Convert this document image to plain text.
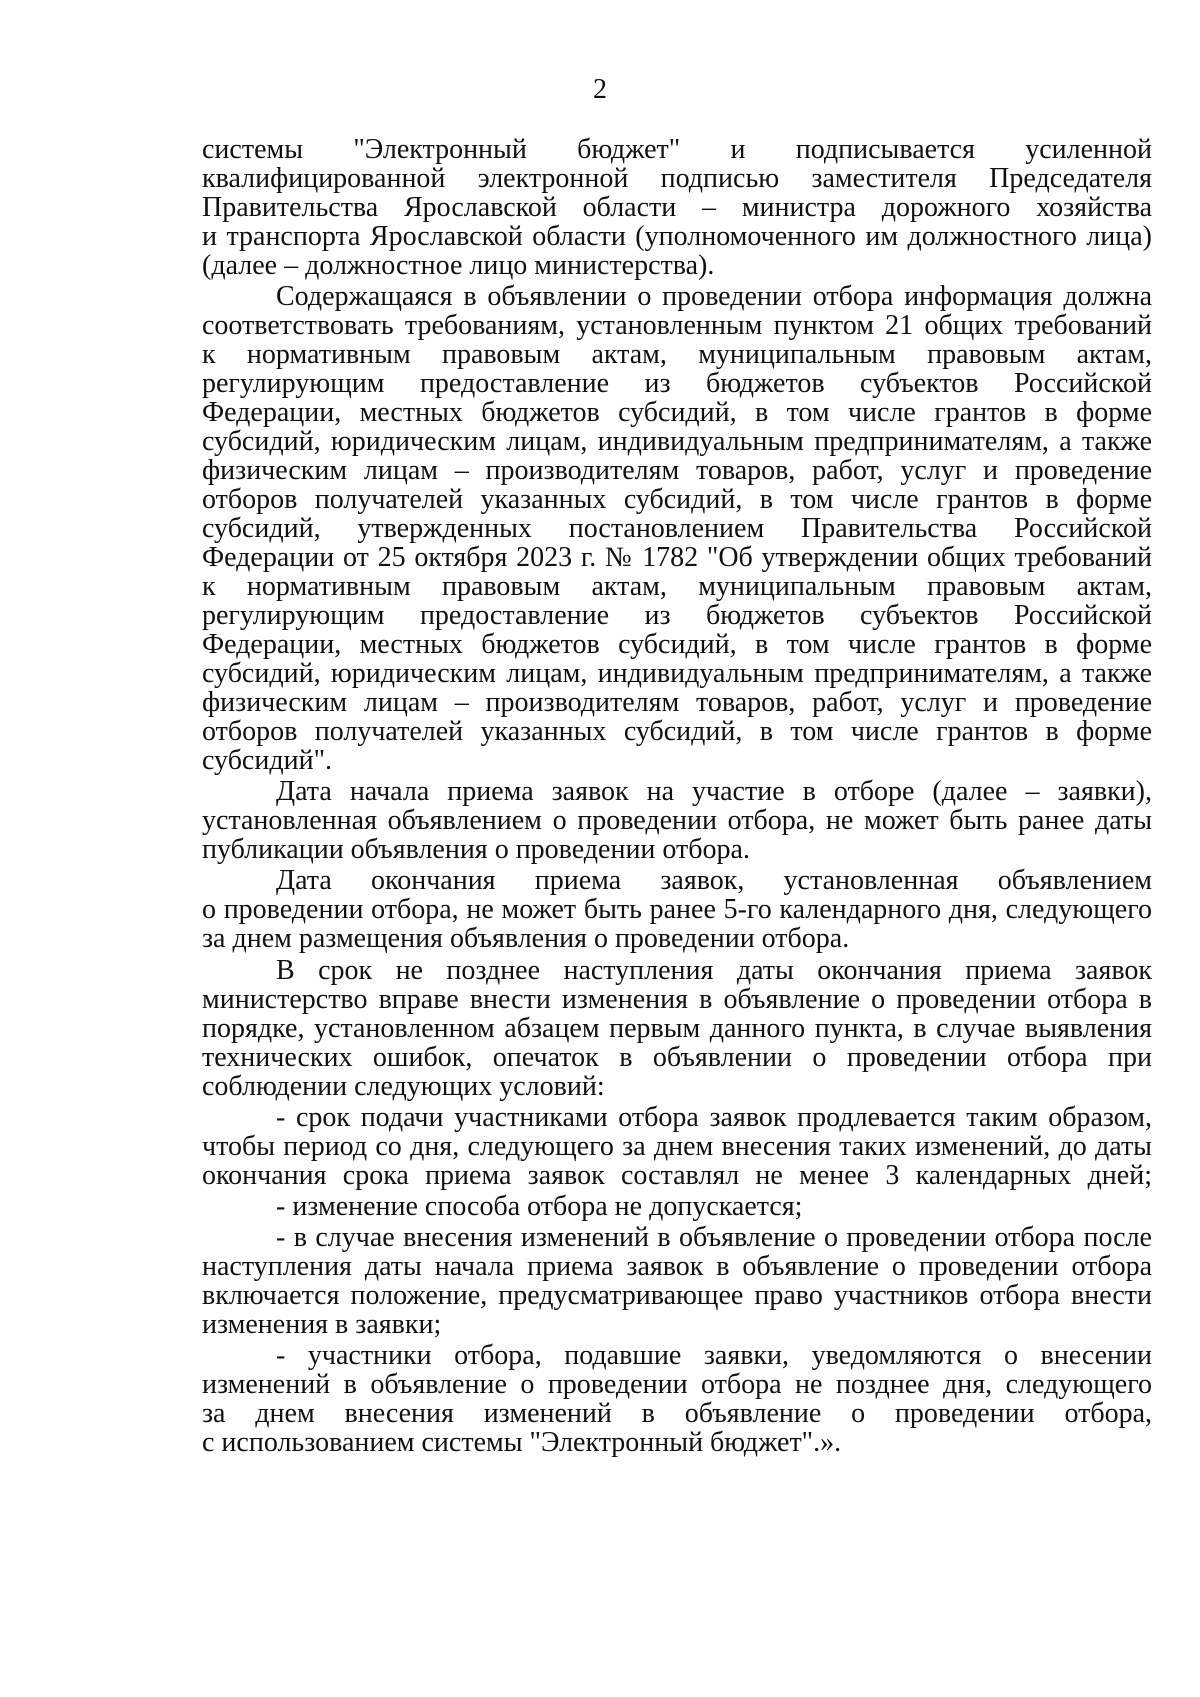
2
системы "Электронный бюджет" и подписывается усиленной
квалифицированной электронной подписью заместителя Председателя
Правительства Ярославской области – министра дорожного хозяйства
и транспорта Ярославской области (уполномоченного им должностного лица)
(далее – должностное лицо министерства).
Содержащаяся в объявлении о проведении отбора информация должна
соответствовать требованиям, установленным пунктом 21 общих требований
к нормативным правовым актам, муниципальным правовым актам,
регулирующим предоставление из бюджетов субъектов Российской
Федерации, местных бюджетов субсидий, в том числе грантов в форме
субсидий, юридическим лицам, индивидуальным предпринимателям, а также
физическим лицам – производителям товаров, работ, услуг и проведение
отборов получателей указанных субсидий, в том числе грантов в форме
субсидий, утвержденных постановлением Правительства Российской
Федерации от 25 октября 2023 г. № 1782 "Об утверждении общих требований
к нормативным правовым актам, муниципальным правовым актам,
регулирующим предоставление из бюджетов субъектов Российской
Федерации, местных бюджетов субсидий, в том числе грантов в форме
субсидий, юридическим лицам, индивидуальным предпринимателям, а также
физическим лицам – производителям товаров, работ, услуг и проведение
отборов получателей указанных субсидий, в том числе грантов в форме
субсидий".
Дата начала приема заявок на участие в отборе (далее – заявки),
установленная объявлением о проведении отбора, не может быть ранее даты
публикации объявления о проведении отбора.
Дата окончания приема заявок, установленная объявлением
о проведении отбора, не может быть ранее 5-го календарного дня, следующего
за днем размещения объявления о проведении отбора.
В срок не позднее наступления даты окончания приема заявок
министерство вправе внести изменения в объявление о проведении отбора в
порядке, установленном абзацем первым данного пункта, в случае выявления
технических ошибок, опечаток в объявлении о проведении отбора при
соблюдении следующих условий:
- срок подачи участниками отбора заявок продлевается таким образом,
чтобы период со дня, следующего за днем внесения таких изменений, до даты
окончания срока приема заявок составлял не менее 3 календарных дней;
- изменение способа отбора не допускается;
- в случае внесения изменений в объявление о проведении отбора после
наступления даты начала приема заявок в объявление о проведении отбора
включается положение, предусматривающее право участников отбора внести
изменения в заявки;
- участники отбора, подавшие заявки, уведомляются о внесении
изменений в объявление о проведении отбора не позднее дня, следующего
за днем внесения изменений в объявление о проведении отбора,
с использованием системы "Электронный бюджет".».
